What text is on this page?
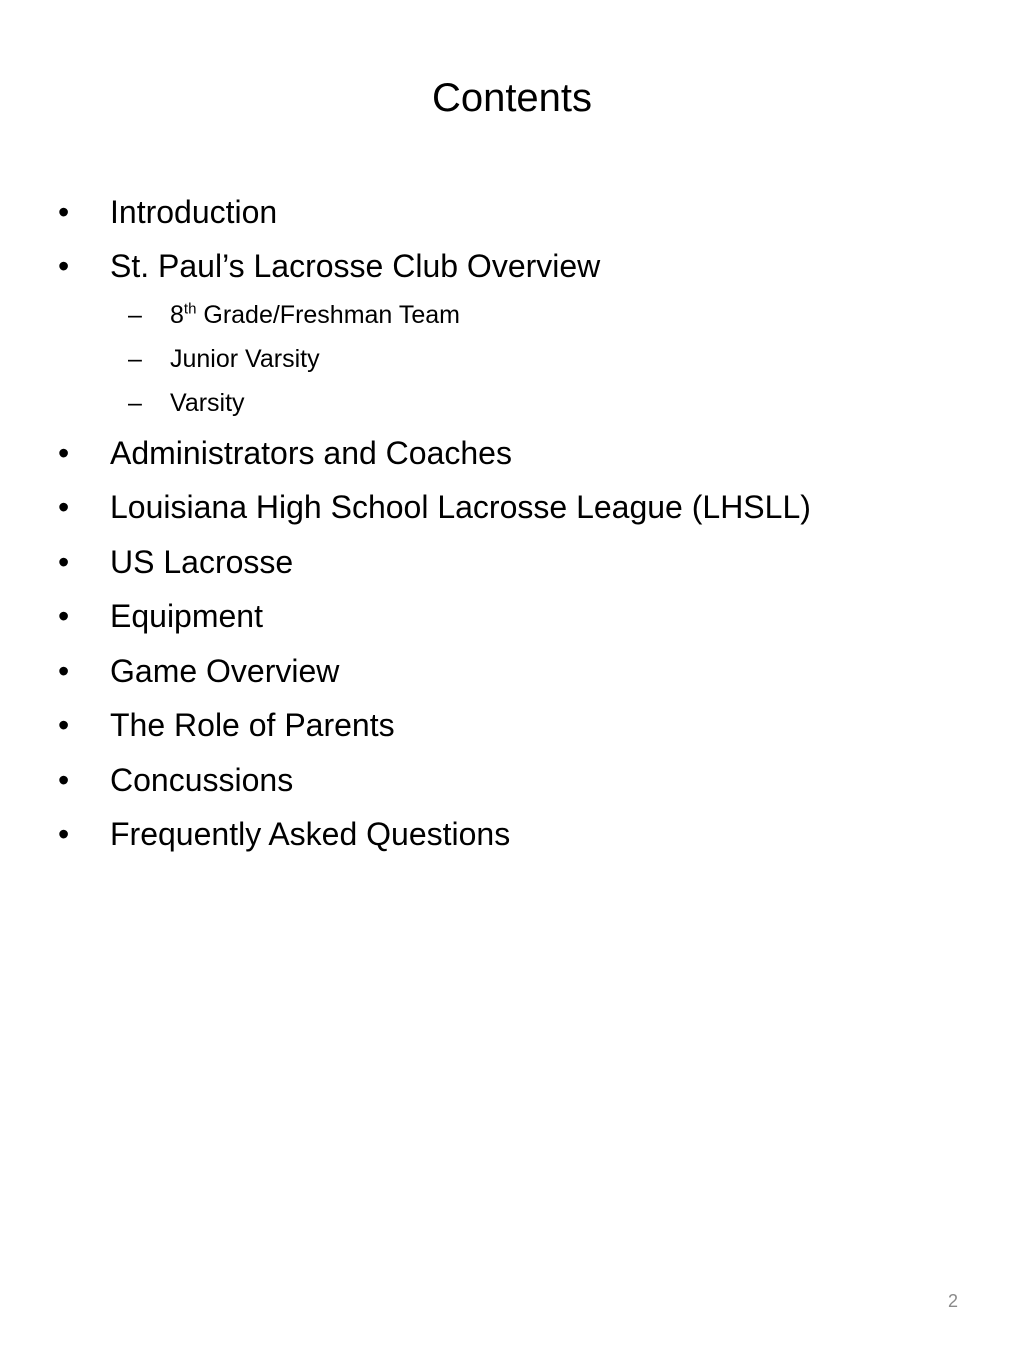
Contents
• Introduction
• St. Paul’s Lacrosse Club Overview
– 8th Grade/Freshman Team
– Junior Varsity
– Varsity
• Administrators and Coaches
• Louisiana High School Lacrosse League (LHSLL)
• US Lacrosse
• Equipment
• Game Overview
• The Role of Parents
• Concussions
• Frequently Asked Questions
2
